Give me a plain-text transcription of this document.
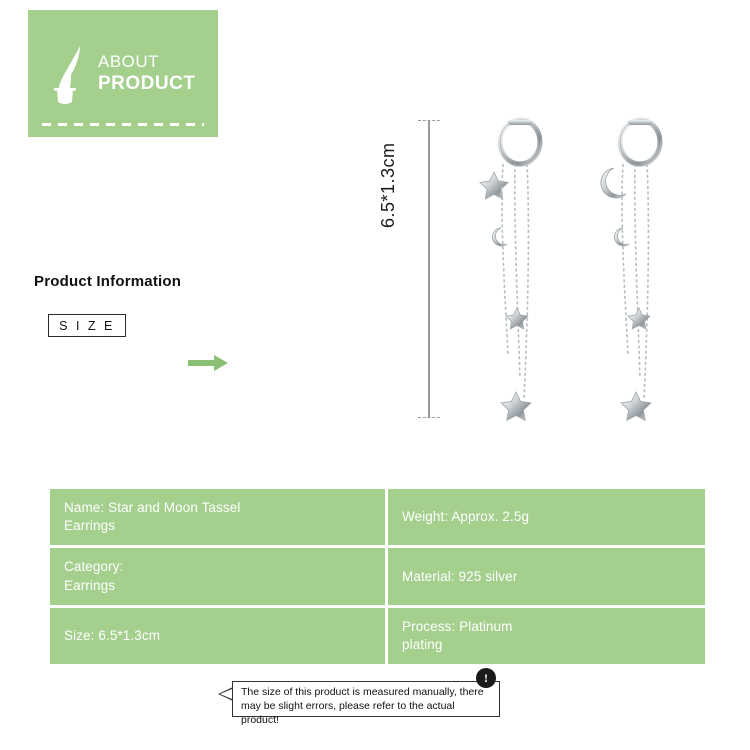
ABOUT
PRODUCT
Product Information
S I Z E
6.5*1.3cm
Name: Star and Moon Tassel
Earrings
Weight: Approx. 2.5g
Category:
Earrings
Material: 925 silver
Size: 6.5*1.3cm
Process: Platinum
plating
The size of this product is measured manually, there
may be slight errors, please refer to the actual product!
!
